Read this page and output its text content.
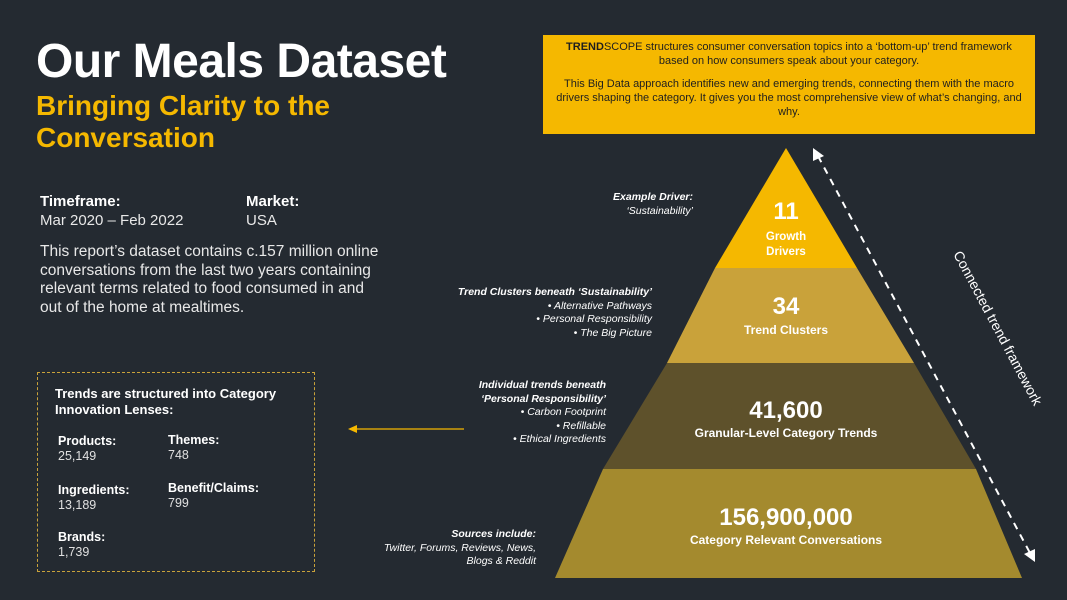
Our Meals Dataset
Bringing Clarity to the Conversation
Timeframe:
Mar 2020 – Feb 2022
Market:
USA
This report’s dataset contains c.157 million online conversations from the last two years containing relevant terms related to food consumed in and out of the home at mealtimes.
Trends are structured into Category Innovation Lenses:
Products:
25,149
Themes:
748
Ingredients:
13,189
Benefit/Claims:
799
Brands:
1,739

TRENDSCOPE structures consumer conversation topics into a ‘bottom-up’ trend framework based on how consumers speak about your category.

This Big Data approach identifies new and emerging trends, connecting them with the macro drivers shaping the category. It gives you the most comprehensive view of what’s changing, and why.

11
Growth
Drivers
34
Trend Clusters
41,600
Granular-Level Category Trends
156,900,000
Category Relevant Conversations
Example Driver:
‘Sustainability’
Trend Clusters beneath ‘Sustainability’
• Alternative Pathways
• Personal Responsibility
• The Big Picture
Individual trends beneath
‘Personal Responsibility’
• Carbon Footprint
• Refillable
• Ethical Ingredients
Sources include:
Twitter, Forums, Reviews, News,
Blogs & Reddit
Connected trend framework
